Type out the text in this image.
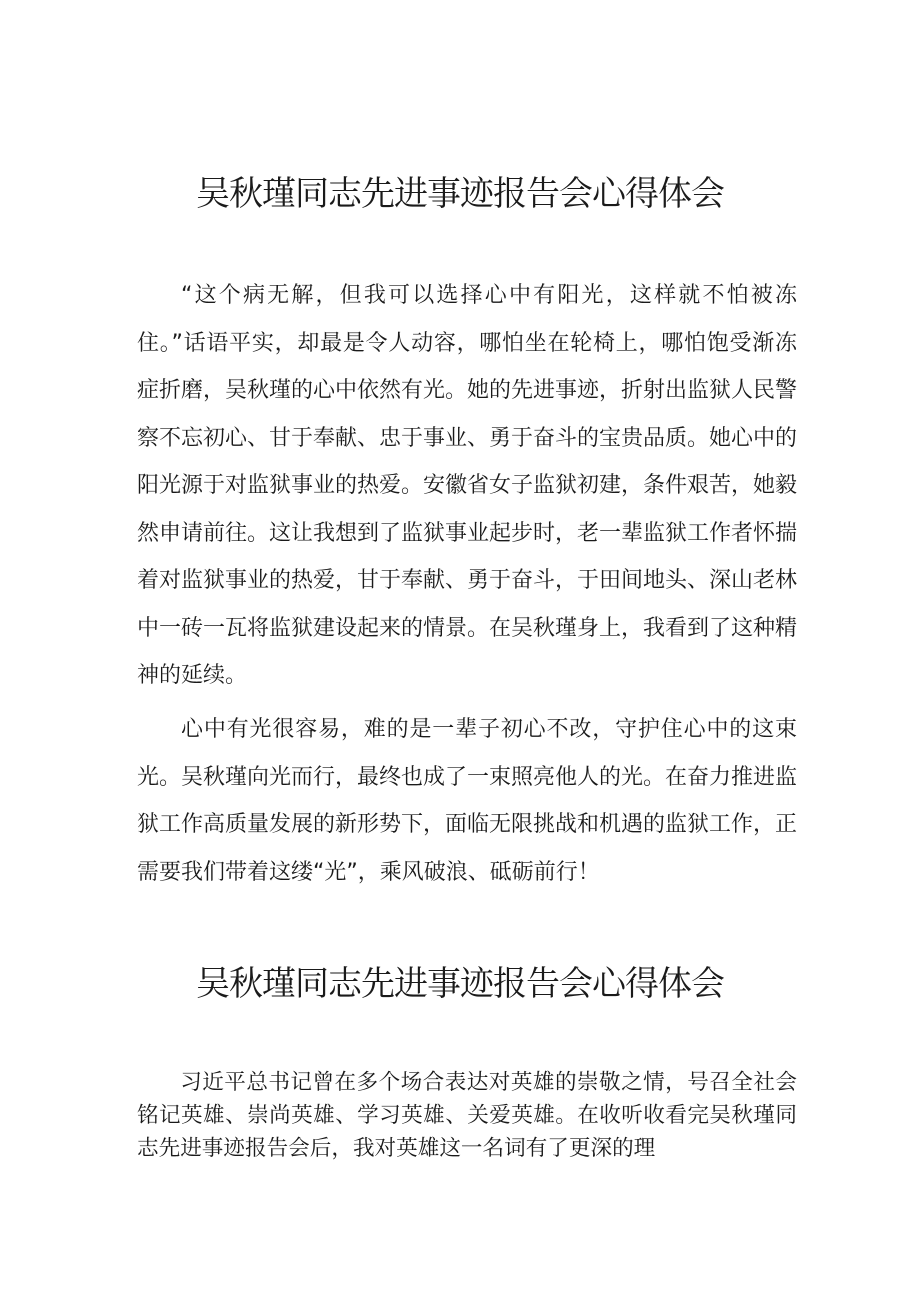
吴秋瑾同志先进事迹报告会心得体会

“这个病无解，但我可以选择心中有阳光，这样就不怕被冻住。”话语平实，却最是令人动容，哪怕坐在轮椅上，哪怕饱受渐冻症折磨，吴秋瑾的心中依然有光。她的先进事迹，折射出监狱人民警察不忘初心、甘于奉献、忠于事业、勇于奋斗的宝贵品质。她心中的阳光源于对监狱事业的热爱。安徽省女子监狱初建，条件艰苦，她毅然申请前往。这让我想到了监狱事业起步时，老一辈监狱工作者怀揣着对监狱事业的热爱，甘于奉献、勇于奋斗，于田间地头、深山老林中一砖一瓦将监狱建设起来的情景。在吴秋瑾身上，我看到了这种精神的延续。

心中有光很容易，难的是一辈子初心不改，守护住心中的这束光。吴秋瑾向光而行，最终也成了一束照亮他人的光。在奋力推进监狱工作高质量发展的新形势下，面临无限挑战和机遇的监狱工作，正需要我们带着这缕“光”，乘风破浪、砥砺前行！

吴秋瑾同志先进事迹报告会心得体会

习近平总书记曾在多个场合表达对英雄的崇敬之情，号召全社会铭记英雄、崇尚英雄、学习英雄、关爱英雄。在收听收看完吴秋瑾同志先进事迹报告会后，我对英雄这一名词有了更深的理
